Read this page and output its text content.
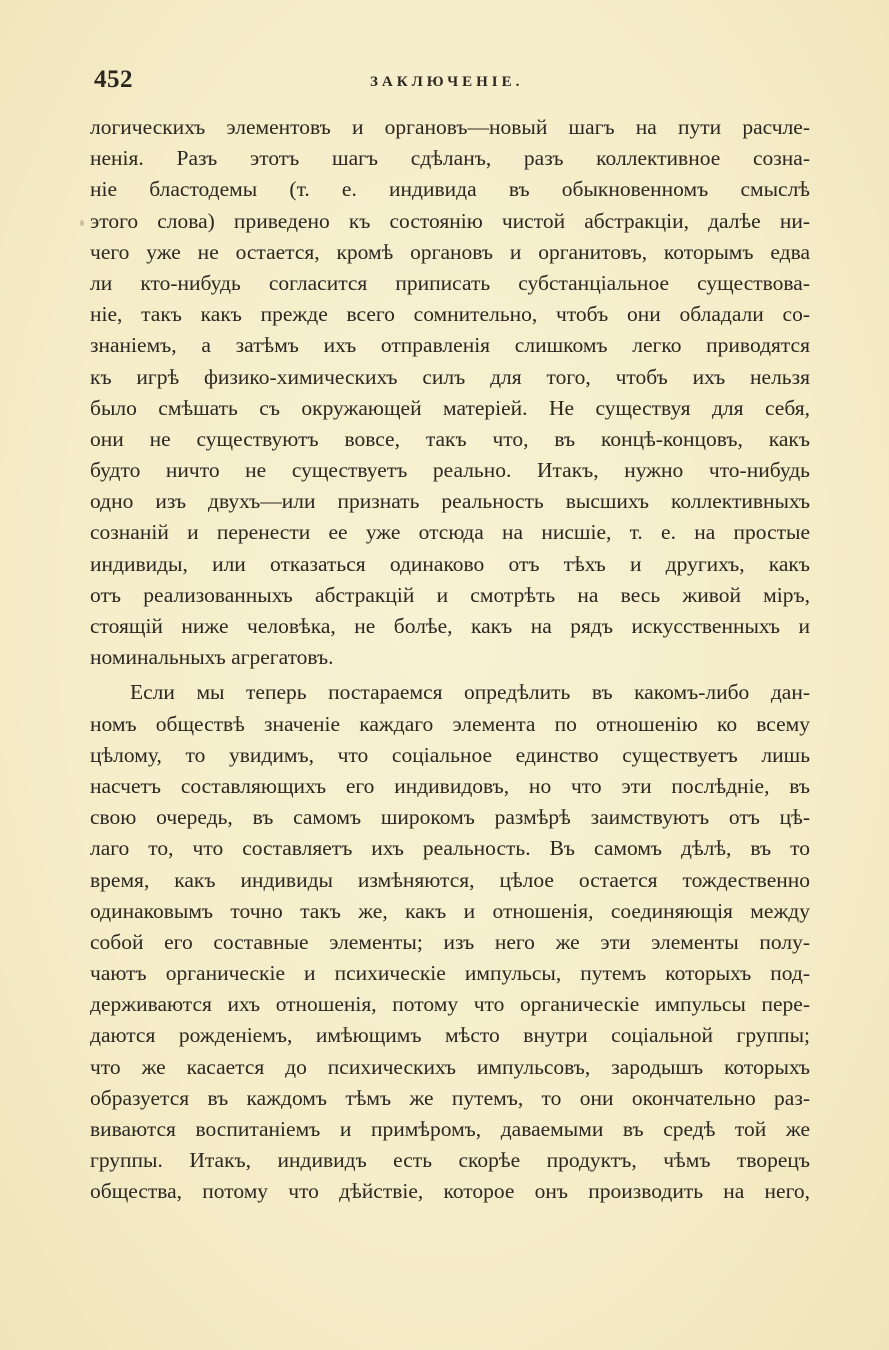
452	ЗАКЛЮЧЕНІЕ.
логическихъ элементовъ и органовъ—новый шагъ на пути расчле-
ненія. Разъ этотъ шагъ сдѣланъ, разъ коллективное созна-
ніе бластодемы (т. е. индивида въ обыкновенномъ смыслѣ
этого слова) приведено къ состоянію чистой абстракціи, далѣе ни-
чего уже не остается, кромѣ органовъ и органитовъ, которымъ едва
ли кто-нибудь согласится приписать субстанціальное существова-
ніе, такъ какъ прежде всего сомнительно, чтобъ они обладали со-
знаніемъ, а затѣмъ ихъ отправленія слишкомъ легко приводятся
къ игрѣ физико-химическихъ силъ для того, чтобъ ихъ нельзя
было смѣшать съ окружающей матеріей. Не существуя для себя,
они не существуютъ вовсе, такъ что, въ концѣ-концовъ, какъ
будто ничто не существуетъ реально. Итакъ, нужно что-нибудь
одно изъ двухъ—или признать реальность высшихъ коллективныхъ
сознаній и перенести ее уже отсюда на нисшіе, т. е. на простые
индивиды, или отказаться одинаково отъ тѣхъ и другихъ, какъ
отъ реализованныхъ абстракцій и смотрѣть на весь живой міръ,
стоящій ниже человѣка, не болѣе, какъ на рядъ искусственныхъ и
номинальныхъ агрегатовъ.
Если мы теперь постараемся опредѣлить въ какомъ-либо дан-
номъ обществѣ значеніе каждаго элемента по отношенію ко всему
цѣлому, то увидимъ, что соціальное единство существуетъ лишь
насчетъ составляющихъ его индивидовъ, но что эти послѣдніе, въ
свою очередь, въ самомъ широкомъ размѣрѣ заимствуютъ отъ цѣ-
лаго то, что составляетъ ихъ реальность. Въ самомъ дѣлѣ, въ то
время, какъ индивиды измѣняются, цѣлое остается тождественно
одинаковымъ точно такъ же, какъ и отношенія, соединяющія между
собой его составные элементы; изъ него же эти элементы полу-
чаютъ органическіе и психическіе импульсы, путемъ которыхъ под-
держиваются ихъ отношенія, потому что органическіе импульсы пере-
даются рожденіемъ, имѣющимъ мѣсто внутри соціальной группы;
что же касается до психическихъ импульсовъ, зародышъ которыхъ
образуется въ каждомъ тѣмъ же путемъ, то они окончательно раз-
виваются воспитаніемъ и примѣромъ, даваемыми въ средѣ той же
группы. Итакъ, индивидъ есть скорѣе продуктъ, чѣмъ творецъ
общества, потому что дѣйствіе, которое онъ производить на него,
